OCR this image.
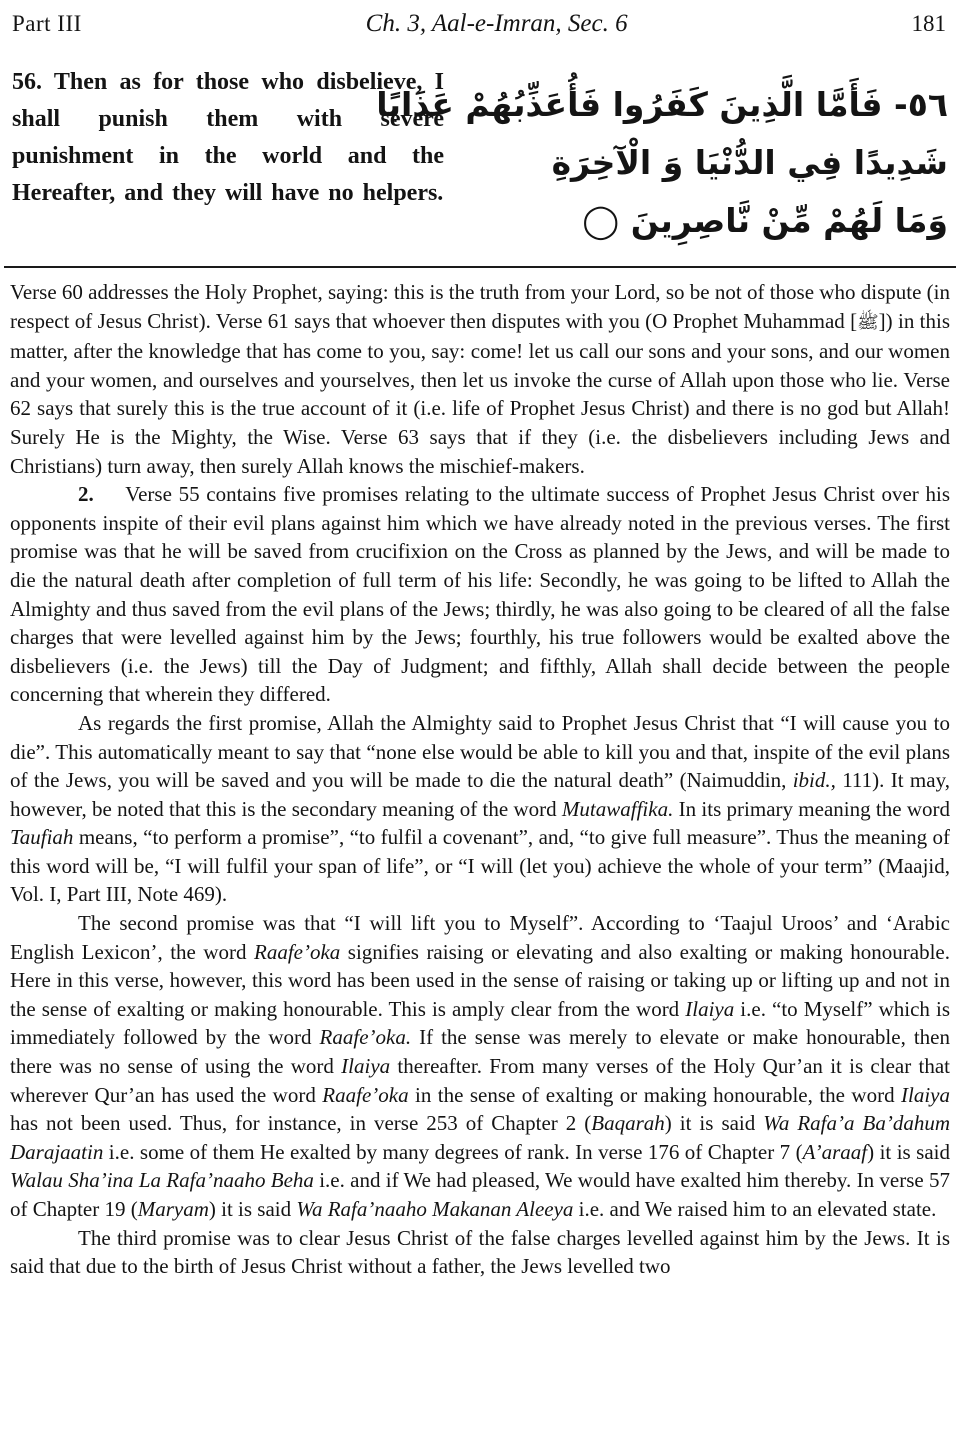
Part III	Ch. 3, Aal-e-Imran, Sec. 6	181
56. Then as for those who disbelieve, I shall punish them with severe punishment in the world and the Hereafter, and they will have no helpers.
٥٦- فَأَمَّا الَّذِينَ كَفَرُوا فَأُعَذِّبُهُمْ عَذَابًا
شَدِيدًا فِي الدُّنْيَا وَ الْآخِرَةِ
وَمَا لَهُمْ مِّنْ نَّاصِرِينَ ◯

Verse 60 addresses the Holy Prophet, saying: this is the truth from your Lord, so be not of those who dispute (in respect of Jesus Christ). Verse 61 says that whoever then disputes with you (O Prophet Muhammad [ﷺ]) in this matter, after the knowledge that has come to you, say: come! let us call our sons and your sons, and our women and your women, and ourselves and yourselves, then let us invoke the curse of Allah upon those who lie. Verse 62 says that surely this is the true account of it (i.e. life of Prophet Jesus Christ) and there is no god but Allah! Surely He is the Mighty, the Wise. Verse 63 says that if they (i.e. the disbelievers including Jews and Christians) turn away, then surely Allah knows the mischief-makers.

2.  Verse 55 contains five promises relating to the ultimate success of Prophet Jesus Christ over his opponents inspite of their evil plans against him which we have already noted in the previous verses. The first promise was that he will be saved from crucifixion on the Cross as planned by the Jews, and will be made to die the natural death after completion of full term of his life: Secondly, he was going to be lifted to Allah the Almighty and thus saved from the evil plans of the Jews; thirdly, he was also going to be cleared of all the false charges that were levelled against him by the Jews; fourthly, his true followers would be exalted above the disbelievers (i.e. the Jews) till the Day of Judgment; and fifthly, Allah shall decide between the people concerning that wherein they differed.

As regards the first promise, Allah the Almighty said to Prophet Jesus Christ that “I will cause you to die”. This automatically meant to say that “none else would be able to kill you and that, inspite of the evil plans of the Jews, you will be saved and you will be made to die the natural death” (Naimuddin, ibid., 111). It may, however, be noted that this is the secondary meaning of the word Mutawaffika. In its primary meaning the word Taufiah means, “to perform a promise”, “to fulfil a covenant”, and, “to give full measure”. Thus the meaning of this word will be, “I will fulfil your span of life”, or “I will (let you) achieve the whole of your term” (Maajid, Vol. I, Part III, Note 469).

The second promise was that “I will lift you to Myself”. According to ‘Taajul Uroos’ and ‘Arabic English Lexicon’, the word Raafe’oka signifies raising or elevating and also exalting or making honourable. Here in this verse, however, this word has been used in the sense of raising or taking up or lifting up and not in the sense of exalting or making honourable. This is amply clear from the word Ilaiya i.e. “to Myself” which is immediately followed by the word Raafe’oka. If the sense was merely to elevate or make honourable, then there was no sense of using the word Ilaiya thereafter. From many verses of the Holy Qur’an it is clear that wherever Qur’an has used the word Raafe’oka in the sense of exalting or making honourable, the word Ilaiya has not been used. Thus, for instance, in verse 253 of Chapter 2 (Baqarah) it is said Wa Rafa’a Ba’dahum Darajaatin i.e. some of them He exalted by many degrees of rank. In verse 176 of Chapter 7 (A’araaf) it is said Walau Sha’ina La Rafa’naaho Beha i.e. and if We had pleased, We would have exalted him thereby. In verse 57 of Chapter 19 (Maryam) it is said Wa Rafa’naaho Makanan Aleeya i.e. and We raised him to an elevated state.

The third promise was to clear Jesus Christ of the false charges levelled against him by the Jews. It is said that due to the birth of Jesus Christ without a father, the Jews levelled two
